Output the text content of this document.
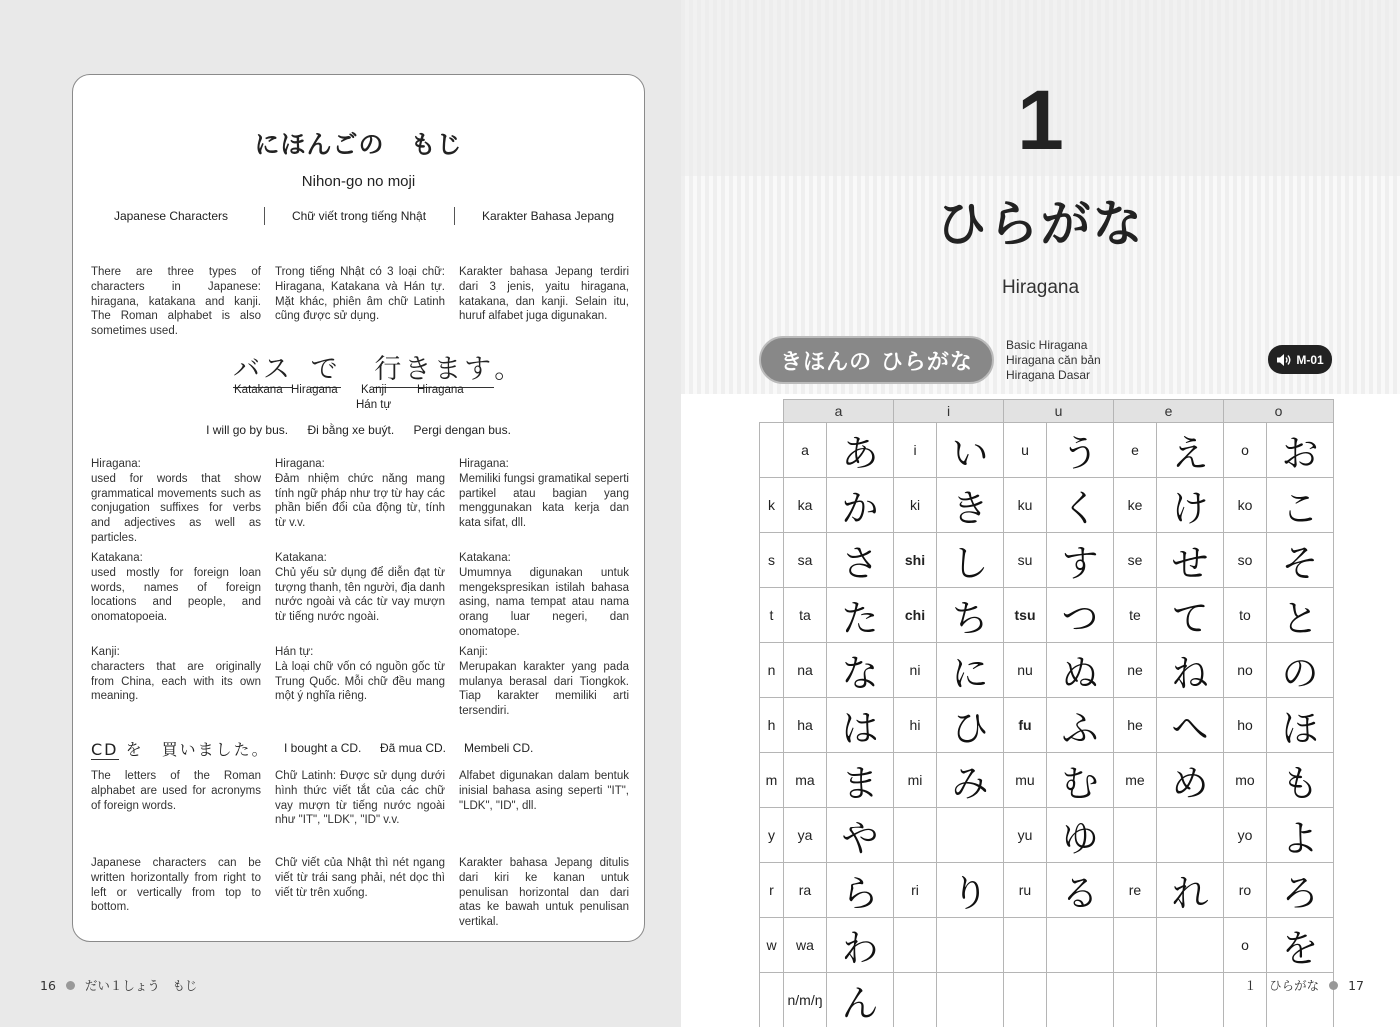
にほんごの　もじ
Nihon-go no moji
Japanese Characters	Chữ viết trong tiếng Nhật	Karakter Bahasa Jepang
There are three types of characters in Japanese: hiragana, katakana and kanji. The Roman alphabet is also sometimes used.
Trong tiếng Nhật có 3 loại chữ: Hiragana, Katakana và Hán tự. Mặt khác, phiên âm chữ Latinh cũng được sử dụng.
Karakter bahasa Jepang terdiri dari 3 jenis, yaitu hiragana, katakana, dan kanji. Selain itu, huruf alfabet juga digunakan.
バス で 行きます。
Katakana Hiragana Kanji
Hán tự
Hiragana
I will go by bus. Đi bằng xe buýt. Pergi dengan bus.
Hiragana:
used for words that show grammatical movements such as conjugation suffixes for verbs and adjectives as well as particles.
Katakana:
used mostly for foreign loan words, names of foreign locations and people, and onomatopoeia.
Kanji:
characters that are originally from China, each with its own meaning.
Hiragana:
Đảm nhiệm chức năng mang tính ngữ pháp như trợ từ hay các phần biến đổi của động từ, tính từ v.v.
Katakana:
Chủ yếu sử dụng để diễn đạt từ tượng thanh, tên người, địa danh nước ngoài và các từ vay mượn từ tiếng nước ngoài.
Hán tự:
Là loại chữ vốn có nguồn gốc từ Trung Quốc. Mỗi chữ đều mang một ý nghĩa riêng.
Hiragana:
Memiliki fungsi gramatikal seperti partikel atau bagian yang menggunakan kata kerja dan kata sifat, dll.
Katakana:
Umumnya digunakan untuk mengekspresikan istilah bahasa asing, nama tempat atau nama orang luar negeri, dan onomatope.
Kanji:
Merupakan karakter yang pada mulanya berasal dari Tiongkok. Tiap karakter memiliki arti tersendiri.
CD を　買いました。 I bought a CD. Đã mua CD. Membeli CD.
The letters of the Roman alphabet are used for acronyms of foreign words.
Chữ Latinh: Được sử dụng dưới hình thức viết tắt của các chữ vay mượn từ tiếng nước ngoài như "IT", "LDK", "ID" v.v.
Alfabet digunakan dalam bentuk inisial bahasa asing seperti "IT", "LDK", "ID", dll.
Japanese characters can be written horizontally from right to left or vertically from top to bottom.
Chữ viết của Nhật thì nét ngang viết từ trái sang phải, nét dọc thì viết từ trên xuống.
Karakter bahasa Jepang ditulis dari kiri ke kanan untuk penulisan horizontal dan dari atas ke bawah untuk penulisan vertikal.
16 だい１しょう　もじ
1
ひらがな
Hiragana
きほんの ひらがな
Basic Hiragana
Hiragana căn bản
Hiragana Dasar
M-01
	a		i		u		e		o	
	a	あ	i	い	u	う	e	え	o	お
k	ka	か	ki	き	ku	く	ke	け	ko	こ
s	sa	さ	shi	し	su	す	se	せ	so	そ
t	ta	た	chi	ち	tsu	つ	te	て	to	と
n	na	な	ni	に	nu	ぬ	ne	ね	no	の
h	ha	は	hi	ひ	fu	ふ	he	へ	ho	ほ
m	ma	ま	mi	み	mu	む	me	め	mo	も
y	ya	や			yu	ゆ			yo	よ
r	ra	ら	ri	り	ru	る	re	れ	ro	ろ
w	wa	わ							o	を
	n/m/ŋ	ん									１　ひらがな 17
